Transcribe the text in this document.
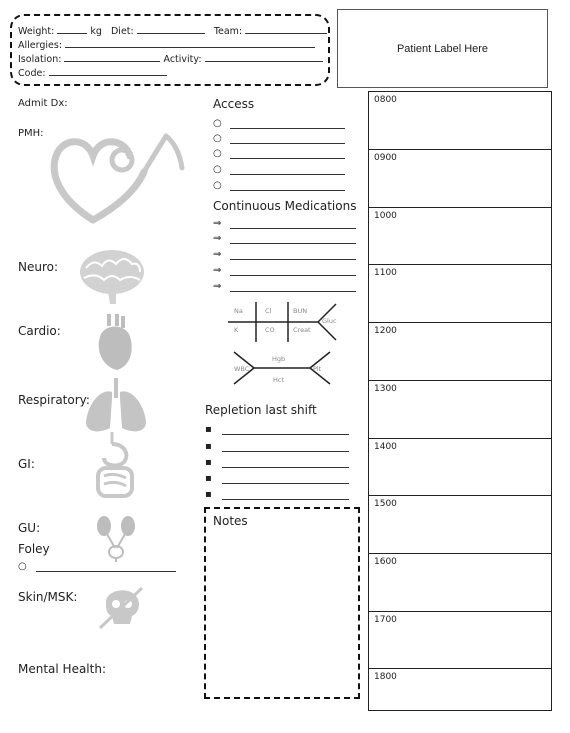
Weight:	kg Diet:	Team:
Allergies:
Isolation:	Activity:
Code:
Patient Label Here
Admit Dx:
PMH:
Neuro:
Cardio:
Respiratory:
GI:
GU:
Foley
○
Skin/MSK:
Mental Health:
Access
○
○
○
○
○
Continuous Medications
⇒
⇒
⇒
⇒
⇒
Na	Cl	BUN
Gluc
K	CO	Creat
Hgb
WBC	Plt
Hct
Repletion last shift
▪
▪
▪
▪
▪
Notes
0800
0900
1000
1100
1200
1300
1400
1500
1600
1700
1800
